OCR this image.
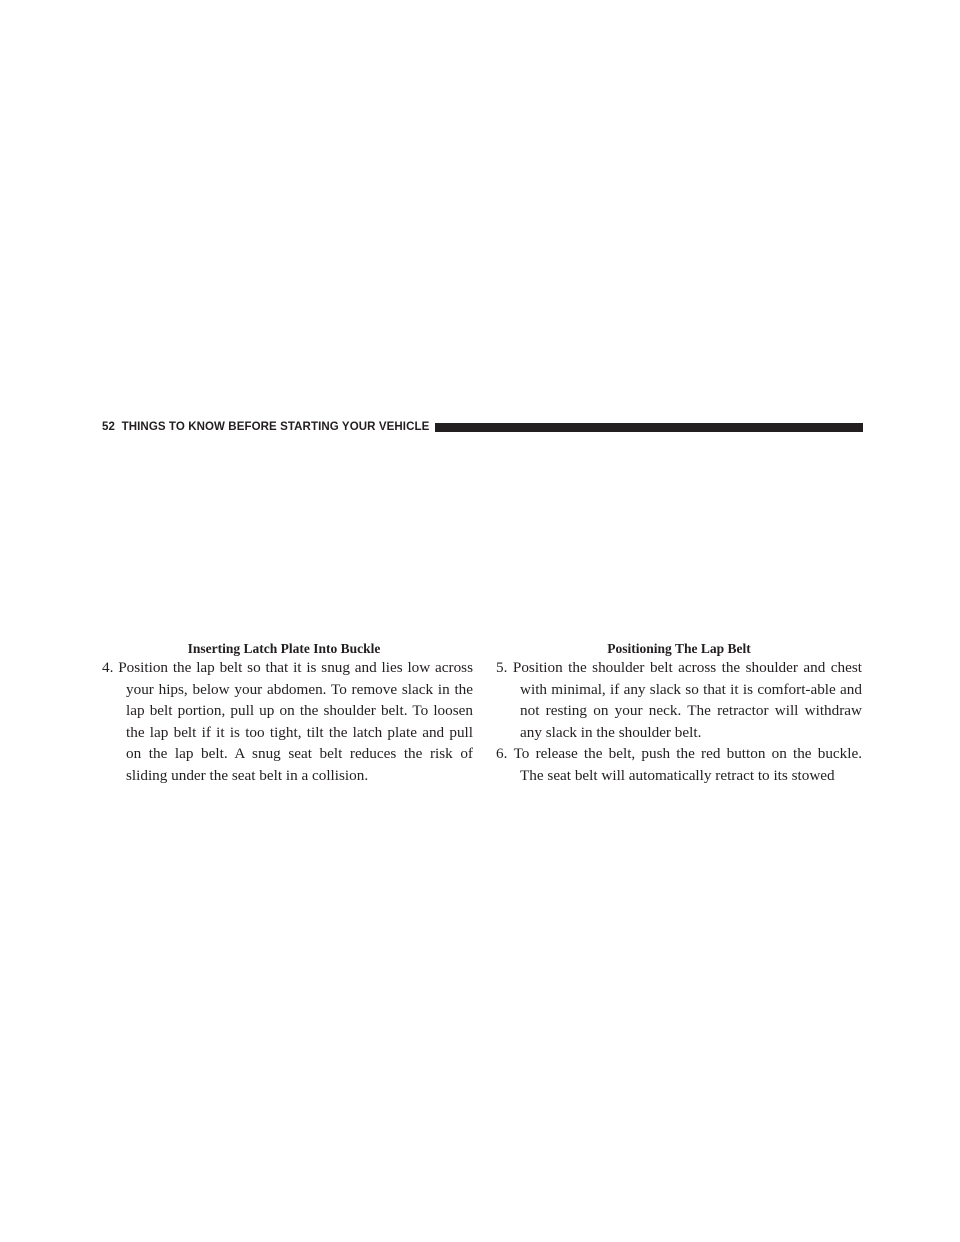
52 THINGS TO KNOW BEFORE STARTING YOUR VEHICLE
Inserting Latch Plate Into Buckle	Positioning The Lap Belt
4. Position the lap belt so that it is snug and lies low across your hips, below your abdomen. To remove slack in the lap belt portion, pull up on the shoulder belt. To loosen the lap belt if it is too tight, tilt the latch plate and pull on the lap belt. A snug seat belt reduces the risk of sliding under the seat belt in a collision.
5. Position the shoulder belt across the shoulder and chest with minimal, if any slack so that it is comfort-able and not resting on your neck. The retractor will withdraw any slack in the shoulder belt.
6. To release the belt, push the red button on the buckle. The seat belt will automatically retract to its stowed
